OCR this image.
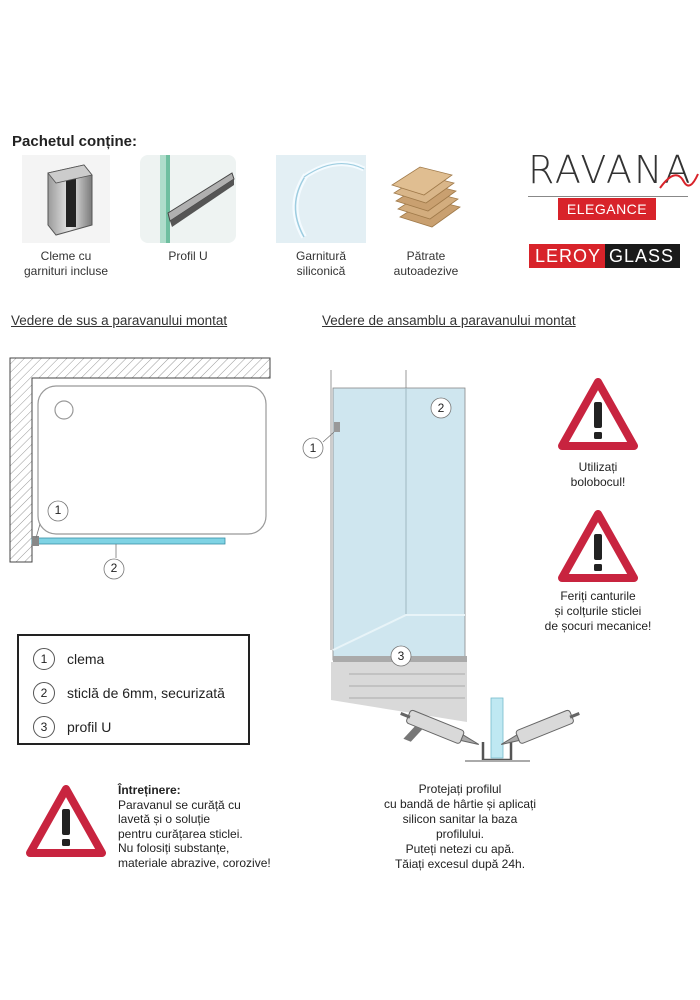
Pachetul conține:
Cleme cu
garnituri incluse
Profil U	Garnitură
siliconică
Pătrate
autoadezive
RAVANA
ELEGANCE
LEROY GLASS
Vedere de sus a paravanului montat	Vedere de ansamblu a paravanului montat
1
2
1
2
3
Protejați profilul
cu bandă de hârtie și aplicați
silicon sanitar la baza
profilului.
Puteți netezi cu apă.
Tăiați excesul după 24h.
Utilizați
bolobocul!
Feriți canturile
și colțurile sticlei
de șocuri mecanice!
1	clema
2	sticlă de 6mm, securizată
3	profil U
Întreținere:
Paravanul se curăță cu
lavetă și o soluție
pentru curățarea sticlei.
Nu folosiți substanțe,
materiale abrazive, corozive!
